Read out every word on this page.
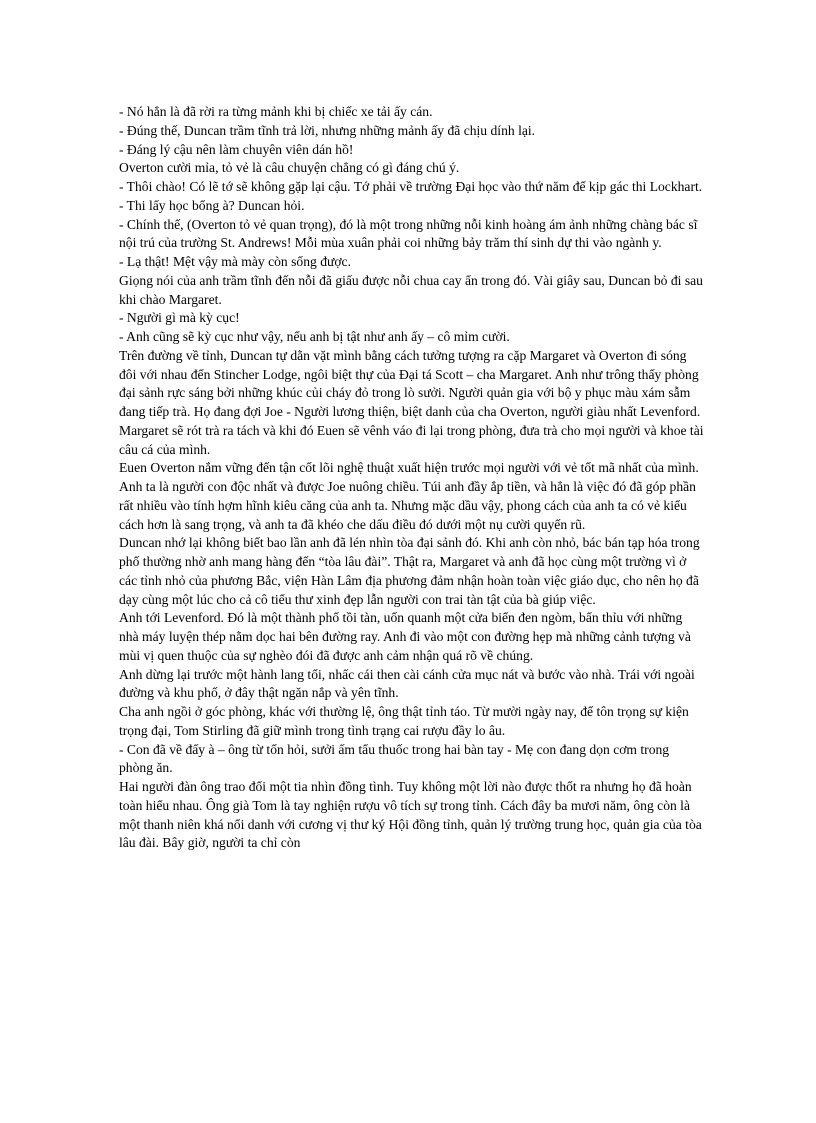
- Nó hẳn là đã rời ra từng mảnh khi bị chiếc xe tải ấy cán.

- Đúng thế, Duncan trầm tĩnh trả lời, nhưng những mảnh ấy đã chịu dính lại.

- Đáng lý cậu nên làm chuyên viên dán hồ!

Overton cười mỉa, tỏ vẻ là câu chuyện chẳng có gì đáng chú ý.

- Thôi chào! Có lẽ tớ sẽ không gặp lại cậu. Tớ phải về trường Đại học vào thứ năm để kịp gác thi Lockhart.

- Thi lấy học bổng à? Duncan hỏi.

- Chính thế, (Overton tỏ vẻ quan trọng), đó là một trong những nỗi kinh hoàng ám ảnh những chàng bác sĩ nội trú của trường St. Andrews! Mỗi mùa xuân phải coi những bảy trăm thí sinh dự thi vào ngành y.

- Lạ thật! Mệt vậy mà mày còn sống được.

Giọng nói của anh trầm tĩnh đến nỗi đã giấu được nỗi chua cay ẩn trong đó. Vài giây sau, Duncan bỏ đi sau khi chào Margaret.

- Người gì mà kỳ cục!

- Anh cũng sẽ kỳ cục như vậy, nếu anh bị tật như anh ấy – cô mỉm cười.

Trên đường về tỉnh, Duncan tự dằn vặt mình bằng cách tưởng tượng ra cặp Margaret và Overton đi sóng đôi với nhau đến Stincher Lodge, ngôi biệt thự của Đại tá Scott – cha Margaret. Anh như trông thấy phòng đại sảnh rực sáng bởi những khúc củi cháy đỏ trong lò sưởi. Người quản gia với bộ y phục màu xám sẫm đang tiếp trà. Họ đang đợi Joe - Người lương thiện, biệt danh của cha Overton, người giàu nhất Levenford. Margaret sẽ rót trà ra tách và khi đó Euen sẽ vênh váo đi lại trong phòng, đưa trà cho mọi người và khoe tài câu cá của mình.

Euen Overton nắm vững đến tận cốt lõi nghệ thuật xuất hiện trước mọi người với vẻ tốt mã nhất của mình. Anh ta là người con độc nhất và được Joe nuông chiều. Túi anh đầy ắp tiền, và hẳn là việc đó đã góp phần rất nhiều vào tính hợm hĩnh kiêu căng của anh ta. Nhưng mặc dầu vậy, phong cách của anh ta có vẻ kiểu cách hơn là sang trọng, và anh ta đã khéo che dấu điều đó dưới một nụ cười quyến rũ.

Duncan nhớ lại không biết bao lần anh đã lén nhìn tòa đại sảnh đó. Khi anh còn nhỏ, bác bán tạp hóa trong phố thường nhờ anh mang hàng đến “tòa lâu đài”. Thật ra, Margaret và anh đã học cùng một trường vì ở các tỉnh nhỏ của phương Bắc, viện Hàn Lâm địa phương đảm nhận hoàn toàn việc giáo dục, cho nên họ đã dạy cùng một lúc cho cả cô tiểu thư xinh đẹp lẫn người con trai tàn tật của bà giúp việc.

Anh tới Levenford. Đó là một thành phố tồi tàn, uốn quanh một cửa biển đen ngòm, bẩn thỉu với những nhà máy luyện thép nằm dọc hai bên đường ray. Anh đi vào một con đường hẹp mà những cảnh tượng và mùi vị quen thuộc của sự nghèo đói đã được anh cảm nhận quá rõ về chúng.

Anh dừng lại trước một hành lang tối, nhấc cái then cài cánh cửa mục nát và bước vào nhà. Trái với ngoài đường và khu phố, ở đây thật ngăn nắp và yên tĩnh.

Cha anh ngồi ở góc phòng, khác với thường lệ, ông thật tỉnh táo. Từ mười ngày nay, để tôn trọng sự kiện trọng đại, Tom Stirling đã giữ mình trong tình trạng cai rượu đầy lo âu.

- Con đã về đấy à – ông từ tốn hỏi, sưởi ấm tẩu thuốc trong hai bàn tay - Mẹ con đang dọn cơm trong phòng ăn.

Hai người đàn ông trao đổi một tia nhìn đồng tình. Tuy không một lời nào được thốt ra nhưng họ đã hoàn toàn hiểu nhau. Ông già Tom là tay nghiện rượu vô tích sự trong tỉnh. Cách đây ba mươi năm, ông còn là một thanh niên khá nổi danh với cương vị thư ký Hội đồng tỉnh, quản lý trường trung học, quản gia của tòa lâu đài. Bây giờ, người ta chỉ còn
